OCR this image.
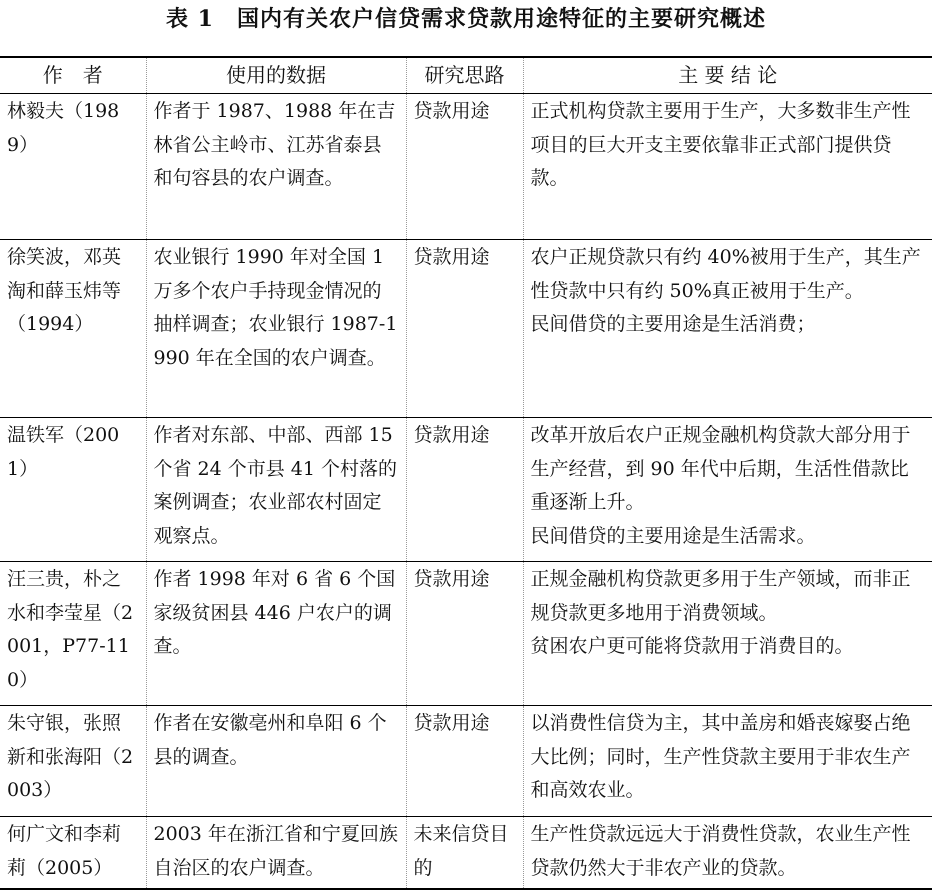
表 1　国内有关农户信贷需求贷款用途特征的主要研究概述
作　者	使用的数据	研究思路	主 要 结 论
林毅夫（1989）	作者于 1987、1988 年在吉林省公主岭市、江苏省泰县和句容县的农户调查。	贷款用途	正式机构贷款主要用于生产，大多数非生产性项目的巨大开支主要依靠非正式部门提供贷款。

徐笑波，邓英淘和薛玉炜等（1994）	农业银行 1990 年对全国 1 万多个农户手持现金情况的抽样调查；农业银行 1987-1990 年在全国的农户调查。	贷款用途	农户正规贷款只有约 40%被用于生产，其生产性贷款中只有约 50%真正被用于生产。
民间借贷的主要用途是生活消费；

温铁军（2001）	作者对东部、中部、西部 15 个省 24 个市县 41 个村落的案例调查；农业部农村固定观察点。	贷款用途	改革开放后农户正规金融机构贷款大部分用于生产经营，到 90 年代中后期，生活性借款比重逐渐上升。
民间借贷的主要用途是生活需求。

汪三贵，朴之水和李莹星（2001，P77-110）	作者 1998 年对 6 省 6 个国家级贫困县 446 户农户的调查。	贷款用途	正规金融机构贷款更多用于生产领域，而非正规贷款更多地用于消费领域。
贫困农户更可能将贷款用于消费目的。

朱守银，张照新和张海阳（2003）	作者在安徽亳州和阜阳 6 个县的调查。	贷款用途	以消费性信贷为主，其中盖房和婚丧嫁娶占绝大比例；同时，生产性贷款主要用于非农生产和高效农业。

何广文和李莉莉（2005）	2003 年在浙江省和宁夏回族自治区的农户调查。	未来信贷目的	生产性贷款远远大于消费性贷款，农业生产性贷款仍然大于非农产业的贷款。
